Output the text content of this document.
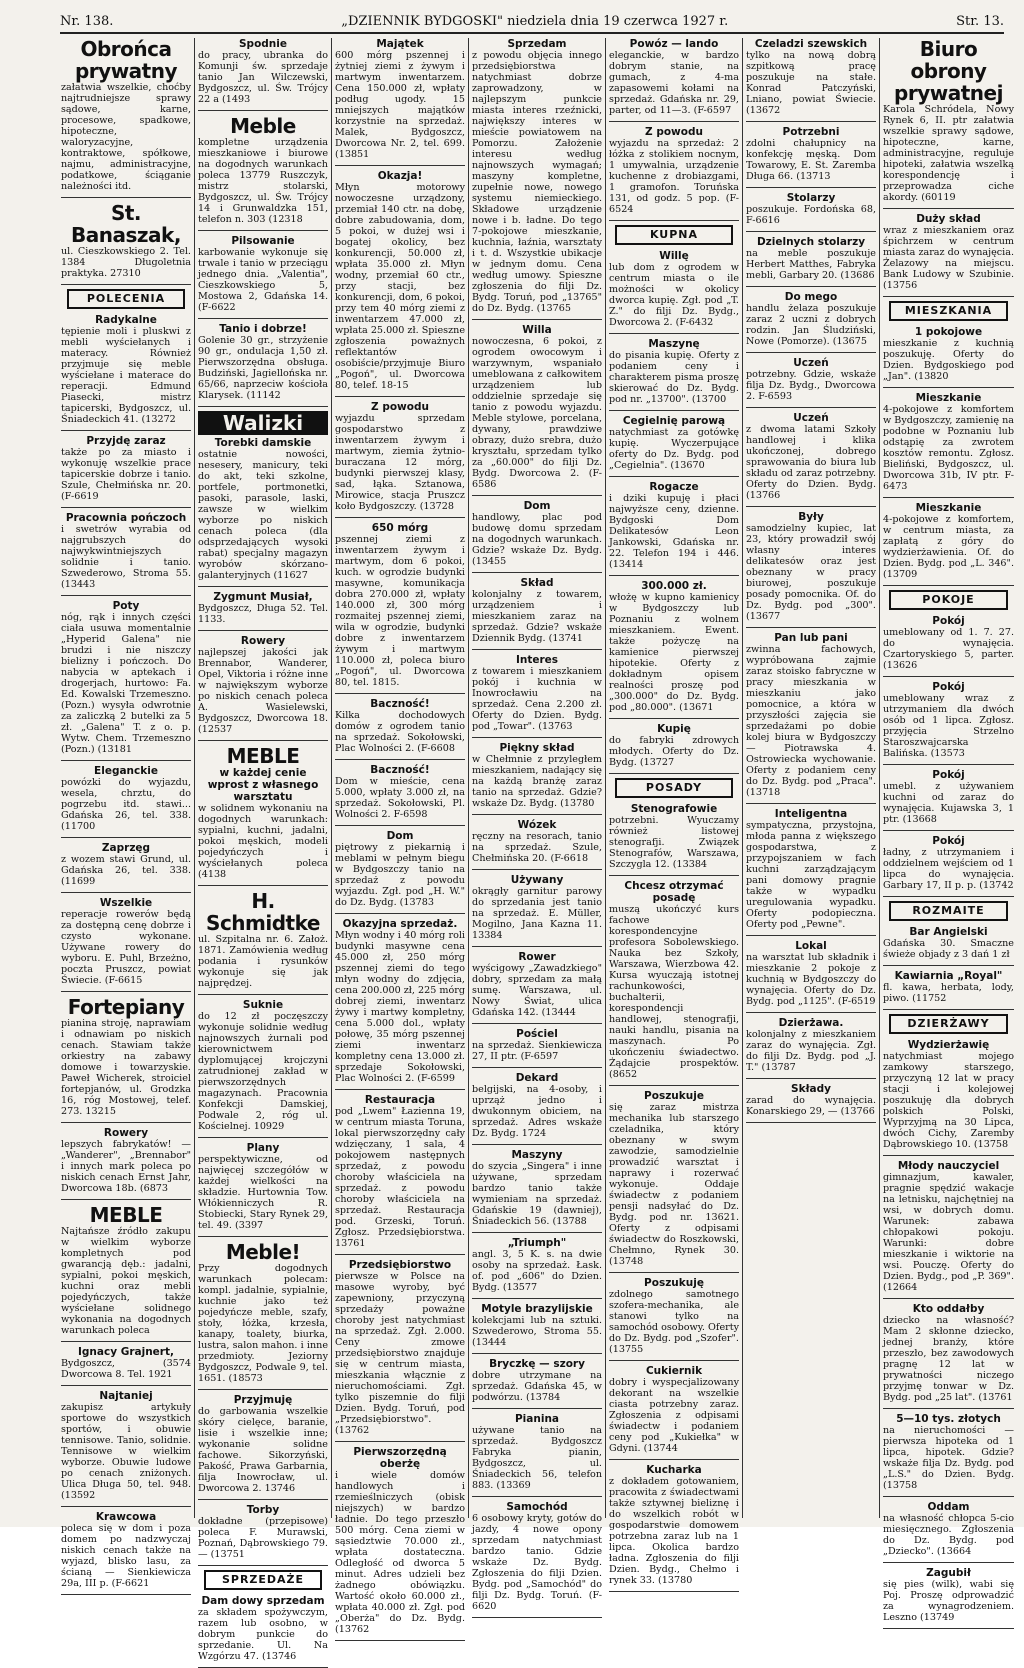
Nr. 138.	„DZIENNIK BYDGOSKI" niedziela dnia 19 czerwca 1927 r.	Str. 13.
Obrońca prywatny
załatwia wszelkie, choćby najtrudniejsze sprawy sądowe, karne, procesowe, spadkowe, hipoteczne, waloryzacyjne, kontraktowe, spółkowe, najmu, administracyjne, podatkowe, ściąganie należności itd.
St. Banaszak,
ul. Cieszkowskiego 2. Tel. 1384 Długoletnia praktyka. 27310
POLECENIA
Radykalne
tępienie moli i pluskwi z mebli wyściełanych i materacy. Również przyjmuje się meble wyściełane i materace do reperacji. Edmund Piasecki, mistrz tapicerski, Bydgoszcz, ul. Śniadeckich 41. (13272
Przyjdę zaraz
także po za miasto i wykonuję wszelkie prace tapicerskie dobrze i tanio. Szule, Chełmińska nr. 20. (F-6619
Pracownia pończoch
i swetrów wyrabia od najgrubszych do najwykwintniejszych solidnie i tanio. Szwederowo, Stroma 55. (13443
Poty
nóg, rąk i innych części ciała usuwa momentalnie „Hyperid Galena" nie brudzi i nie niszczy bielizny i pończoch. Do nabycia w aptekach i drogerjach, hurtowo: Fa. Ed. Kowalski Trzemeszno. (Pozn.) wysyła odwrotnie za zaliczką 2 butelki za 5 zł. „Galena" T. z o. p. Wytw. Chem. Trzemeszno (Pozn.) (13181
Eleganckie
powózki do wyjazdu, wesela, chrztu, do pogrzebu itd. stawi... Gdańska 26, tel. 338. (11700
Zaprzęg
z wozem stawi Grund, ul. Gdańska 26, tel. 338. (11699
Wszelkie
reperacje rowerów będą za dostępną cenę dobrze i czysto wykonane. Używane rowery do wyboru. E. Puhl, Brzeżno, poczta Pruszcz, powiat Świecie. (F-6615
Fortepiany
pianina stroję, naprawiam i odnawiam po niskich cenach. Stawiam także orkiestry na zabawy domowe i towarzyskie. Paweł Wicherek, stroiciel fortepjanów, ul. Grodzka 16, róg Mostowej, telef. 273. 13215
Rowery
lepszych fabrykatów! — „Wanderer", „Brennabor" i innych mark poleca po niskich cenach Ernst Jahr, Dworcowa 18b. (6873
MEBLE
Najtańsze źródło zakupu w wielkim wyborze kompletnych pod gwarancją dęb.: jadalni, sypialni, pokoi męskich, kuchni oraz mebli pojedyńczych, także wyściełane solidnego wykonania na dogodnych warunkach poleca
Ignacy Grajnert,
Bydgoszcz, (3574 Dworcowa 8. Tel. 1921
Najtaniej
zakupisz artykuły sportowe do wszystkich sportów, i obuwie tennisowe. Tanio, solidnie. Tennisowe w wielkim wyborze. Obuwie ludowe po cenach zniżonych. Ulica Długa 50, tel. 948. (13592
Krawcowa
poleca się w dom i poza domem po nadzwyczaj niskich cenach także na wyjazd, blisko lasu, za ścianą — Sienkiewicza 29a, III p. (F-6621
Spodnie
do pracy, ubranka do Komunji św. sprzedaje tanio Jan Wilczewski, Bydgoszcz, ul. Św. Trójcy 22 a (1493
Meble
kompletne urządzenia mieszkaniowe i biurowe na dogodnych warunkach poleca 13779 Ruszczyk, mistrz stolarski, Bydgoszcz, ul. Św. Trójcy 14 i Grunwaldzka 151, telefon n. 303 (12318
Pilsowanie
karbowanie wykonuje się trwale i tanio w przeciągu jednego dnia. „Valentia", Cieszkowskiego 5, Mostowa 2, Gdańska 14. (F-6622
Tanio i dobrze!
Golenie 30 gr., strzyżenie 90 gr., ondulacja 1,50 zł. Pierwszorzędna obsługa. Budziński, Jagiellońska nr. 65/66, naprzeciw kościoła Klarysek. (11142
Walizki
Torebki damskie
ostatnie nowości, nesesery, manicury, teki do akt, teki szkolne, portfele, portmonetki, pasoki, parasole, laski, zawsze w wielkim wyborze po niskich cenach poleca (dla odsprzedających wysoki rabat) specjalny magazyn wyrobów skórzano-galanteryjnych (11627
Zygmunt Musiał,
Bydgoszcz, Długa 52. Tel. 1133.
Rowery
najlepszej jakości jak Brennabor, Wanderer, Opel, Viktoria i różne inne w największym wyborze po niskich cenach poleca A. Wasielewski, Bydgoszcz, Dworcowa 18. (12537
MEBLE
w każdej cenie wprost z własnego warsztatu
w solidnem wykonaniu na dogodnych warunkach: sypialni, kuchni, jadalni, pokoi męskich, modeli pojedyńczych i wyściełanych poleca (4138
H. Schmidtke
ul. Szpitalna nr. 6. Założ. 1871. Zamówienia według podania i rysunków wykonuje się jak najprędzej.
Suknie
do 12 zł poczęszczy wykonuje solidnie według najnowszych żurnali pod kierownictwem dyplomującej krojczyni zatrudnionej zakład w pierwszorzędnych magazynach. Pracownia Konfekcji Damskiej, Podwale 2, róg ul. Kościelnej. 10929
Plany
perspektywiczne, od najwięcej szczegółów w każdej wielkości na składzie. Hurtownia Tow. Włókienniczych R. Stobiecki, Stary Rynek 29, tel. 49. (3397
Meble!
Przy dogodnych warunkach polecam: kompl. jadalnie, sypialnie, kuchnie jako też pojedyńcze meble, szafy, stoły, łóżka, krzesła, kanapy, toalety, biurka, lustra, salon mahon. i inne przedmioty. Jeziorny Bydgoszcz, Podwale 9, tel. 1651. (18573
Przyjmuję
do garbowania wszelkie skóry cielęce, baranie, lisie i wszelkie inne; wykonanie solidne fachowe. Sikorzyński, Pakość, Prawa Garbarnia, filja Inowrocław, ul. Dworcowa 2. 13746
Torby
dokładne (przepisowe) poleca F. Murawski, Poznań, Dąbrowskiego 79. — (13751
SPRZEDAŻE
Dam dowy sprzedam
za składem spożywczym, razem lub osobno, w dobrym punkcie do sprzedanie. Ul. Na Wzgórzu 47. (13746
Majątek
600 mórg pszennej i żytniej ziemi z żywym i martwym inwentarzem. Cena 150.000 zł, wpłaty podług ugody. 15 mniejszych majątków korzystnie na sprzedaż. Malek, Bydgoszcz, Dworcowa Nr. 2, tel. 699. (13851
Okazja!
Młyn motorowy nowoczesne urządzony, przemiał 140 ctr. na dobę, dobre zabudowania, dom, 5 pokoi, w dużej wsi i bogatej okolicy, bez konkurencji, 50.000 zł, wpłata 35.000 zł. Młyn wodny, przemiał 60 ctr., przy stacji, bez konkurencji, dom, 6 pokoi, przy tem 40 mórg ziemi z inwentarzem 47.000 zł, wpłata 25.000 zł. Spieszne zgłoszenia poważnych reflektantów osobiście/przyjmuje Biuro „Pogoń", ul. Dworcowa 80, telef. 18-15
Z powodu
wyjazdu sprzedam gospodarstwo z inwentarzem żywym i martwym, ziemia żytnio-buraczana 12 mórg, budynki pierwszej klasy, sad, łąka. Sztanowa, Mirowice, stacja Pruszcz koło Bydgoszczy. (13728
650 mórg
pszennej ziemi z inwentarzem żywym i martwym, dom 6 pokoi, kuch. w ogrodzie budynki masywne, komunikacja dobra 270.000 zł, wpłaty 140.000 zł, 300 mórg rozmaitej pszennej ziemi, wila w ogrodzie, budynki dobre z inwentarzem żywym i martwym 110.000 zł, poleca biuro „Pogoń", ul. Dworcowa 80, tel. 1815.
Baczność!
Kilka dochodowych domów z ogrodem tanio na sprzedaż. Sokołowski, Plac Wolności 2. (F-6608
Baczność!
Dom w mieście, cena 5.000, wpłaty 3.000 zł, na sprzedaż. Sokołowski, Pl. Wolności 2. F-6598
Dom
piętrowy z piekarnią i meblami w pełnym biegu w Bydgoszczy tanio na sprzedaż z powodu wyjazdu. Zgł. pod „H. W." do Dz. Bydg. (13783
Okazyjna sprzedaż.
Młyn wodny i 40 mórg roli budynki masywne cena 45.000 zł, 250 mórg pszennej ziemi do tego młyn wodny do zdjęcia, cena 200.000 zł, 225 mórg dobrej ziemi, inwentarz żywy i martwy kompletny, cena 5.000 dol., wpłaty połowę, 35 mórg pszennej ziemi inwentarz kompletny cena 13.000 zł. sprzedaje Sokołowski, Plac Wolności 2. (F-6599
Restauracja
pod „Lwem" Łazienna 19, w centrum miasta Toruna, lokal pierwszorzędny cały wdzięczany, 1 sala, 4 pokojowem następnych sprzedaż, z powodu choroby właściciela na sprzedaż. z powodu choroby właściciela na sprzedaż. Restauracja pod. Grzeski, Toruń. Zgłosz. Przedsiębiorstwa. 13761
Przedsiębiorstwo
pierwsze w Polsce na masowe wyroby, być zapewniony, przyczyną sprzedaży poważne choroby jest natychmiast na sprzedaż. Zgł. 2.000. Ceny zmowe przedsiębiorstwo znajduje się w centrum miasta, mieszkania włącznie z nieruchomościami. Zgł. tylko piszemnie do filji Dzien. Bydg. Toruń, pod „Przedsiębiorstwo". (13762
Pierwszorzędną oberżę
i wiele domów handlowych i rzemieślniczych (obisk niejszych) w bardzo ładnie. Do tego przeszło 500 mórg. Cena ziemi w sąsiedztwie 70.000 zł., wpłata dostateczna. Odległość od dworca 5 minut. Adres udzieli bez żadnego obówiązku. Wartość około 60.000 zł., wpłata 40.000 zł. Zgł. pod „Oberża" do Dz. Bydg. (13762
Sprzedam
z powodu objęcia innego przedsiębiorstwa natychmiast dobrze zaprowadzony, w najlepszym punkcie miasta interes rzeźnicki, największy interes w mieście powiatowem na Pomorzu. Założenie interesu według najnowszych wymagań; maszyny kompletne, zupełnie nowe, nowego systemu niemieckiego. Składowe urządzenie nowe i b. ładne. Do tego 7-pokojowe mieszkanie, kuchnia, łaźnia, warsztaty i t. d. Wszystkie ubikacje w jednym domu. Cena według umowy. Spieszne zgłoszenia do filji Dz. Bydg. Toruń, pod „13765" do Dz. Bydg. (13765
Willa
nowoczesna, 6 pokoi, z ogrodem owocowym i warzywnym, wspaniało umeblowana z całkowitem urządzeniem lub oddzielnie sprzedaje się tanio z powodu wyjazdu. Meble stylowe, porcelana, dywany, prawdziwe obrazy, dużo srebra, dużo kryształu, sprzedam tylko za „60.000" do filji Dz. Bydg. Dworcowa 2. (F-6586
Dom
handlowy, plac pod budowę domu sprzedam na dogodnych warunkach. Gdzie? wskaże Dz. Bydg. (13455
Skład
kolonjalny z towarem, urządzeniem i mieszkaniem zaraz na sprzedaż. Gdzie? wskaże Dziennik Bydg. (13741
Interes
z towarem i mieszkaniem pokój i kuchnia w Inowrocławiu na sprzedaż. Cena 2.200 zł. Oferty do Dzien. Bydg. pod „Towar". (13763
Piękny skład
w Chełmnie z przyległem mieszkaniem, nadający się na każdą branżę zaraz tanio na sprzedaż. Gdzie? wskaże Dz. Bydg. (13780
Wózek
ręczny na resorach, tanio na sprzedaż. Szule, Chełmińska 20. (F-6618
Używany
okrągły garnitur parowy do sprzedania jest tanio na sprzedaż. E. Müller, Mogilno, Jana Kazna 11. 13384
Rower
wyścigowy „Zawadzkiego" dobry, sprzedam za małą sumę. Warszawa, ul. Nowy Świat, ulica Gdańska 142. (13444
Pościel
na sprzedaż. Sienkiewicza 27, II ptr. (F-6597
Dekard
belgijski, na 4-osoby, i uprząż jedno i dwukonnym obiciem, na sprzedaż. Adres wskaże Dz. Bydg. 1724
Maszyny
do szycia „Singera" i inne używane, sprzedam bardzo tanio także wymieniam na sprzedaż. Gdańskie 19 (dawniej), Śniadeckich 56. (13788
„Triumph"
angl. 3, 5 K. s. na dwie osoby na sprzedaż. Łask. of. pod „606" do Dzien. Bydg. (13577
Motyle brazylijskie
kolekcjami lub na sztuki. Szwederowo, Stroma 55. (13444
Bryczkę — szory
dobre utrzymane na sprzedaż. Gdańska 45, w podwórzu. (13784
Pianina
używane tanio na sprzedaż. Bydgoszcz Fabryka pianin, Bydgoszcz, ul. Śniadeckich 56, telefon 883. (13369
Samochód
6 osobowy kryty, gotów do jazdy, 4 nowe opony sprzedam natychmiast bardzo tanio. Gdzie wskaże Dz. Bydg. Zgłoszenia do filji Dzien. Bydg. pod „Samochód" do filji Dz. Bydg. Toruń. (F-6620
Powóz — lando
eleganckie, w bardzo dobrym stanie, na gumach, z 4-ma zapasowemi kołami na sprzedaż. Gdańska nr. 29, parter, od 11—3. (F-6597
Z powodu
wyjazdu na sprzedaż: 2 łóżka z stolikiem nocnym, 1 umywalnia, urządzenie kuchenne z drobiazgami, 1 gramofon. Toruńska 131, od godz. 5 pop. (F-6524
KUPNA
Willę
lub dom z ogrodem w centrum miasta o ile możności w okolicy dworca kupię. Zgł. pod „T. Z." do filji Dz. Bydg., Dworcowa 2. (F-6432
Maszynę
do pisania kupię. Oferty z podaniem ceny i charakterem pisma proszę skierować do Dz. Bydg. pod nr. „13700". (13700
Cegielnię parową
natychmiast za gotówkę kupię. Wyczerpujące oferty do Dz. Bydg. pod „Cegielnia". (13670
Rogacze
i dziki kupuję i płaci najwyższe ceny, dzienne. Bydgoski Dom Delikatesów Leon Jankowski, Gdańska nr. 22. Telefon 194 i 446. (13414
300.000 zł.
włożę w kupno kamienicy w Bydgoszczy lub Poznaniu z wolnem mieszkaniem. Ewent. także pożyczę na kamienice pierwszej hipotekie. Oferty z dokładnym opisem realności proszę pod „300.000" do Dz. Bydg. pod „80.000". (13671
Kupię
do fabryki zdrowych młodych. Oferty do Dz. Bydg. (13727
POSADY
Stenografowie
potrzebni. Wyuczamy również listowej stenografji. Związek Stenografów, Warszawa, Szczygla 12. (13384
Chcesz otrzymać posadę
muszą ukończyć kurs fachowe korespondencyjne profesora Sobolewskiego. Nauka bez Szkoły, Warszawa, Wierzbowa 42. Kursa wyuczają istotnej rachunkowości, buchalterii, korespondencji handlowej, stenografji, nauki handlu, pisania na maszynach. Po ukończeniu świadectwo. Żądajcie prospektów. (8652
Poszukuje
się zaraz mistrza mechanika lub starszego czeladnika, który obeznany w swym zawodzie, samodzielnie prowadzić warsztat i naprawy i rozerwać wykonuje. Oddaje świadectw z podaniem pensji nadsyłać do Dz. Bydg. pod nr. 13621. Oferty z odpisami świadectw do Roszkowski, Chełmno, Rynek 30. (13748
Poszukuję
zdolnego samotnego szofera-mechanika, ale stanowi tylko na samochód osobowy. Oferty do Dz. Bydg. pod „Szofer". (13755
Cukiernik
dobry i wyspecjalizowany dekorant na wszelkie ciasta potrzebny zaraz. Zgłoszenia z odpisami świadectw i podaniem ceny pod „Kukiełka" w Gdyni. (13744
Kucharka
z dokładem gotowaniem, pracowita z świadectwami także sztywnej bieliznę i do wszelkich robót w gospodarstwie domowem potrzebna zaraz lub na 1 lipca. Okolica bardzo ładna. Zgłoszenia do filji Dzien. Bydg., Chełmo i rynek 33. (13780
Czeladzi szewskich
tylko na nową dobrą szpitkową pracę poszukuje na stałe. Konrad Patczyński, Lniano, powiat Świecie. (13672
Potrzebni
zdolni chałupnicy na konfekcję męską. Dom Towarowy, E. St. Zaremba Długa 66. (13713
Stolarzy
poszukuje. Fordońska 68, F-6616
Dzielnych stolarzy
na meble poszukuje Herbert Matthes, Fabryka mebli, Garbary 20. (13686
Do mego
handlu żelaza poszukuje zaraz 2 uczni z dobrych rodzin. Jan Śludziński, Nowe (Pomorze). (13675
Uczeń
potrzebny. Gdzie, wskaże filja Dz. Bydg., Dworcowa 2. F-6593
Uczeń
z dwoma latami Szkoły handlowej i klika ukończonej, dobrego sprawowania do biura lub składu od zaraz potrzebny. Oferty do Dzien. Bydg. (13766
Były
samodzielny kupiec, lat 23, który prowadził swój własny interes delikatesów oraz jest obeznany w pracy biurowej, poszukuje posady pomocnika. Of. do Dz. Bydg. pod „300". (13677
Pan lub pani
zwinna fachowych, wypróbowana zajmie zaraz stoisko fabryczne w pracy mieszkania w mieszkaniu jako pomocnice, a która w przyszłości zajęcia sie sprzedażami po dobie kolej biura w Bydgoszczy — Piotrawska 4. Ostrowiecka wychowanie. Oferty z podaniem ceny do Dz. Bydg. pod „Praca". (13718
Inteligentna
sympatyczna, przystojna, młoda panna z większego gospodarstwa, z przypojszaniem w fach kuchni zarządzającym pani domowy pragnie także w wypadku uregulowania wypadku. Oferty podopieczna. Oferty pod „Pewne".
Lokal
na warsztat lub składnik i mieszkanie 2 pokoje z kuchnią w Bydgoszczy do wynajęcia. Oferty do Dz. Bydg. pod „1125". (F-6519
Dzierżawa.
kolonjalny z mieszkaniem zaraz do wynajęcia. Zgł. do filji Dz. Bydg. pod „J. T." (13787
Składy
zarad do wynajęcia. Konarskiego 29, — (13766
Biuro obrony prywatnej
Karola Schródela, Nowy Rynek 6, II. ptr załatwia wszelkie sprawy sądowe, hipoteczne, karne, administracyjne, reguluje hipoteki, załatwia wszelką korespondencję i przeprowadza ciche akordy. (60119
Duży skład
wraz z mieszkaniem oraz śpichrzem w centrum miasta zaraz do wynajęcia. Żelazowy na miejscu. Bank Ludowy w Szubinie. (13756
MIESZKANIA
1 pokojowe
mieszkanie z kuchnią poszukuję. Oferty do Dzien. Bydgoskiego pod „Jan". (13820
Mieszkanie
4-pokojowe z komfortem w Bydgoszczy, zamienię na podobne w Poznaniu lub odstąpię za zwrotem kosztów remontu. Zgłosz. Bieliński, Bydgoszcz, ul. Dworcowa 31b, IV ptr. F-6473
Mieszkanie
4-pokojowe z komfortem, w centrum miasta, za zapłatą z góry do wydzierżawienia. Of. do Dzien. Bydg. pod „L. 346". (13709
POKOJE
Pokój
umeblowany od 1. 7. 27. do wynajęcia. Czartoryskiego 5, parter. (13626
Pokój
umeblowany wraz z utrzymaniem dla dwóch osób od 1 lipca. Zgłosz. przyjęcia Strzelno Staroszwajcarska Balińska. (13573
Pokój
umebl. z używaniem kuchni od zaraz do wynajęcia. Kujawska 3, 1 ptr. (13668
Pokój
ładny, z utrzymaniem i oddzielnem wejściem od 1 lipca do wynajęcia. Garbary 17, II p. p. (13742
ROZMAITE
Bar Angielski
Gdańska 30. Smaczne świeże objady z 3 dań 1 zł
Kawiarnia „Royal"
fl. kawa, herbata, lody, piwo. (11752
DZIERŻAWY
Wydzierżawię
natychmiast mojego zamkowy starszego, przyczyną 12 lat w pracy stacji i kolejowej poszukuję dla dobrych polskich Polski, Wyprzyjmą na 30 Lipca, dwóch Cichy, Zaremby Dąbrowskiego 10. (13758
Młody nauczyciel
gimnazjum, kawaler, pragnie spędzić wakacje na letnisku, najchętniej na wsi, w dobrych domu. Warunek: zabawa chłopakowi pokoju. Warunki: dobre mieszkanie i wiktorie na wsi. Pouczę. Oferty do Dzien. Bydg., pod „P. 369". (12664
Kto oddałby
dziecko na własność? Mam 2 skłonne dziecko, jednej branży, które przeszło, bez zawodowych pragnę 12 lat w prywatności niczego przyjmę tonwar w Dz. Bydg. pod „25 lat". (13761
5—10 tys. złotych
na nieruchomości — pierwsza hipoteka od 1 lipca, hipotek. Gdzie? wskaże filja Dz. Bydg. pod „L.S." do Dzien. Bydg. (13758
Oddam
na własność chłopca 5-cio miesięcznego. Zgłoszenia do Dz. Bydg. pod „Dziecko". (13664
Zagubił
się pies (wilk), wabi się Poj. Proszę odprowadzić za wynagrodzeniem. Leszno (13749
